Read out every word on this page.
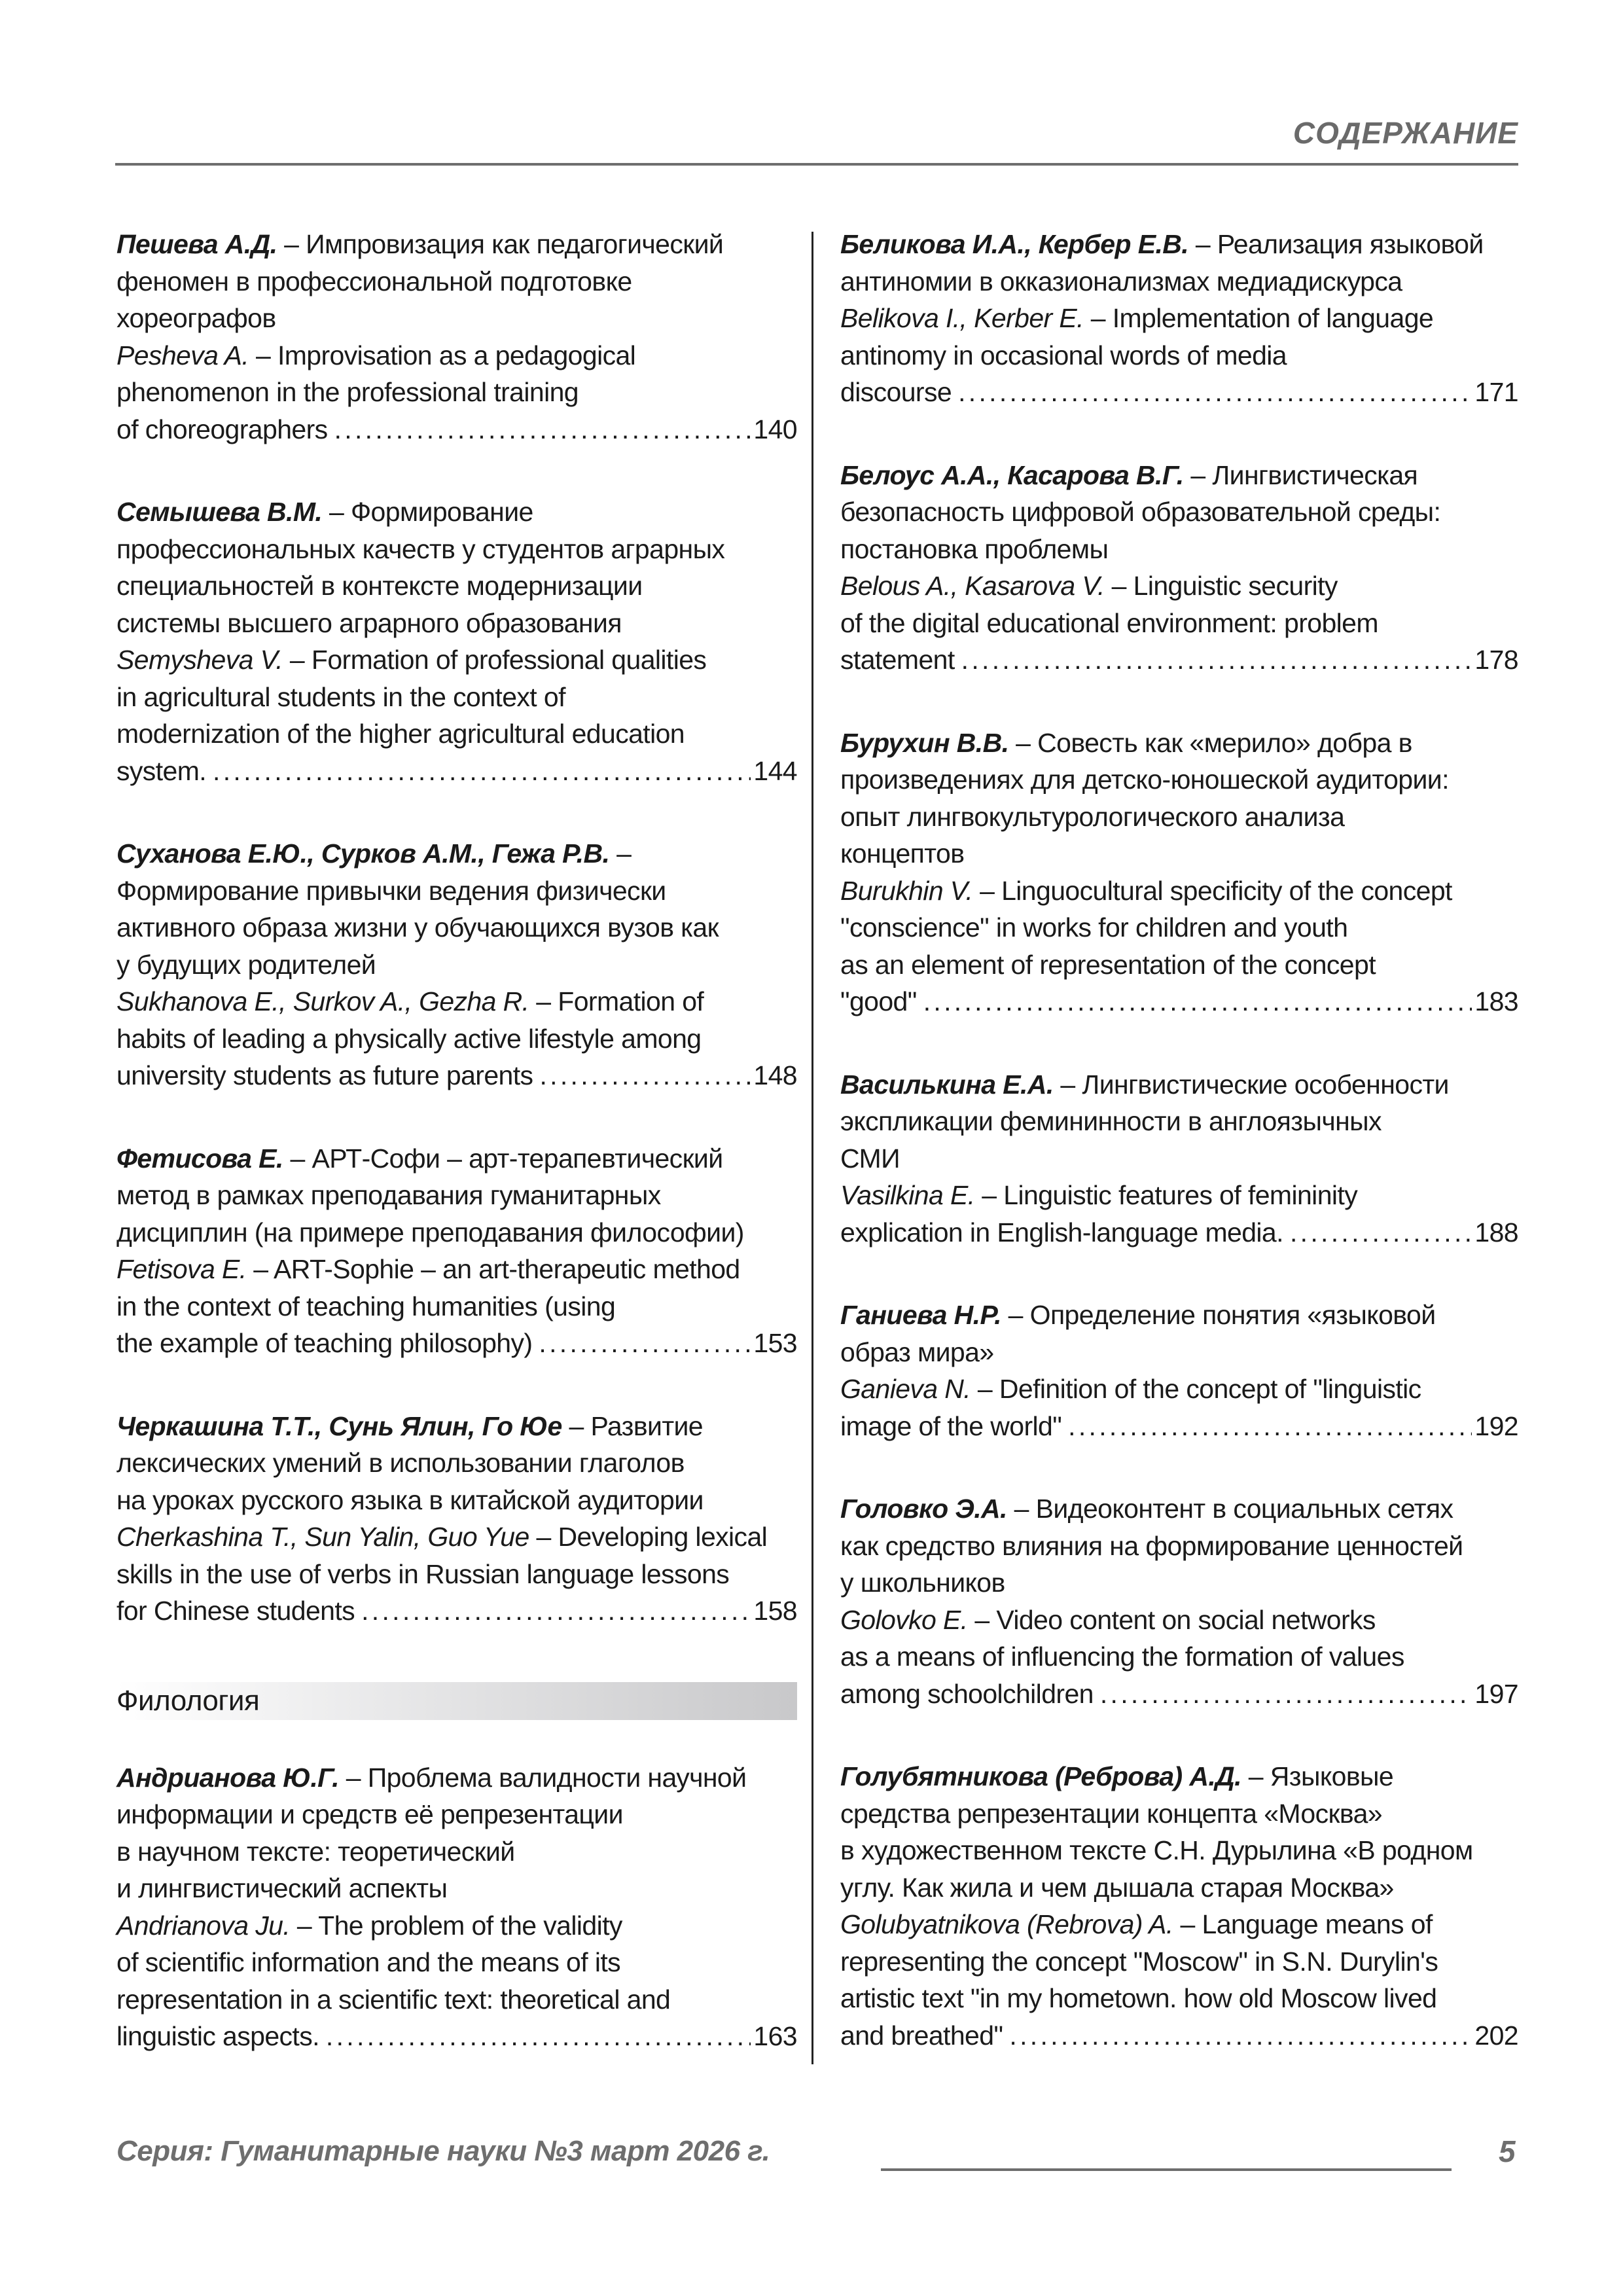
СОДЕРЖАНИЕ
Пешева А.Д. – Импровизация как педагогический
феномен в профессиональной подготовке
хореографов
Pesheva A. – Improvisation as a pedagogical
phenomenon in the professional training
of choreographers .....	140
Семышева В.М. – Формирование
профессиональных качеств у студентов аграрных
специальностей в контексте модернизации
системы высшего аграрного образования
Semysheva V. – Formation of professional qualities
in agricultural students in the context of
modernization of the higher agricultural education
system. .....	144
Суханова Е.Ю., Сурков А.М., Гежа Р.В. –
Формирование привычки ведения физически
активного образа жизни у обучающихся вузов как
у будущих родителей
Sukhanova E., Surkov A., Gezha R. – Formation of
habits of leading a physically active lifestyle among
university students as future parents .....	148
Фетисова Е. – АРТ-Софи – арт-терапевтический
метод в рамках преподавания гуманитарных
дисциплин (на примере преподавания философии)
Fetisova E. – ART-Sophie – an art-therapeutic method
in the context of teaching humanities (using
the example of teaching philosophy) .....	153
Черкашина Т.Т., Сунь Ялин, Го Юе – Развитие
лексических умений в использовании глаголов
на уроках русского языка в китайской аудитории
Cherkashina T., Sun Yalin, Guo Yue – Developing lexical
skills in the use of verbs in Russian language lessons
for Chinese students .....	158
Филология
Андрианова Ю.Г. – Проблема валидности научной
информации и средств её репрезентации
в научном тексте: теоретический
и лингвистический аспекты
Andrianova Ju. – The problem of the validity
of scientific information and the means of its
representation in a scientific text: theoretical and
linguistic aspects. .....	163
Беликова И.А., Кербер Е.В. – Реализация языковой
антиномии в окказионализмах медиадискурса
Belikova I., Kerber E. – Implementation of language
antinomy in occasional words of media
discourse .....	171
Белоус А.А., Касарова В.Г. – Лингвистическая
безопасность цифровой образовательной среды:
постановка проблемы
Belous A., Kasarova V. – Linguistic security
of the digital educational environment: problem
statement .....	178
Бурухин В.В. – Совесть как «мерило» добра в
произведениях для детско-юношеской аудитории:
опыт лингвокультурологического анализа
концептов
Burukhin V. – Linguocultural specificity of the concept
"conscience" in works for children and youth
as an element of representation of the concept
"good" .....	183
Василькина Е.А. – Лингвистические особенности
экспликации фемининности в англоязычных
СМИ
Vasilkina E. – Linguistic features of femininity
explication in English-language media. .....	188
Ганиева Н.Р. – Определение понятия «языковой
образ мира»
Ganieva N. – Definition of the concept of "linguistic
image of the world" .....	192
Головко Э.А. – Видеоконтент в социальных сетях
как средство влияния на формирование ценностей
у школьников
Golovko E. – Video content on social networks
as a means of influencing the formation of values
among schoolchildren .....	197
Голубятникова (Реброва) А.Д. – Языковые
средства репрезентации концепта «Москва»
в художественном тексте С.Н. Дурылина «В родном
углу. Как жила и чем дышала старая Москва»
Golubyatnikova (Rebrova) A. – Language means of
representing the concept "Moscow" in S.N. Durylin's
artistic text "in my hometown. how old Moscow lived
and breathed" .....	202
Серия: Гуманитарные науки №3 март 2026 г.	5
